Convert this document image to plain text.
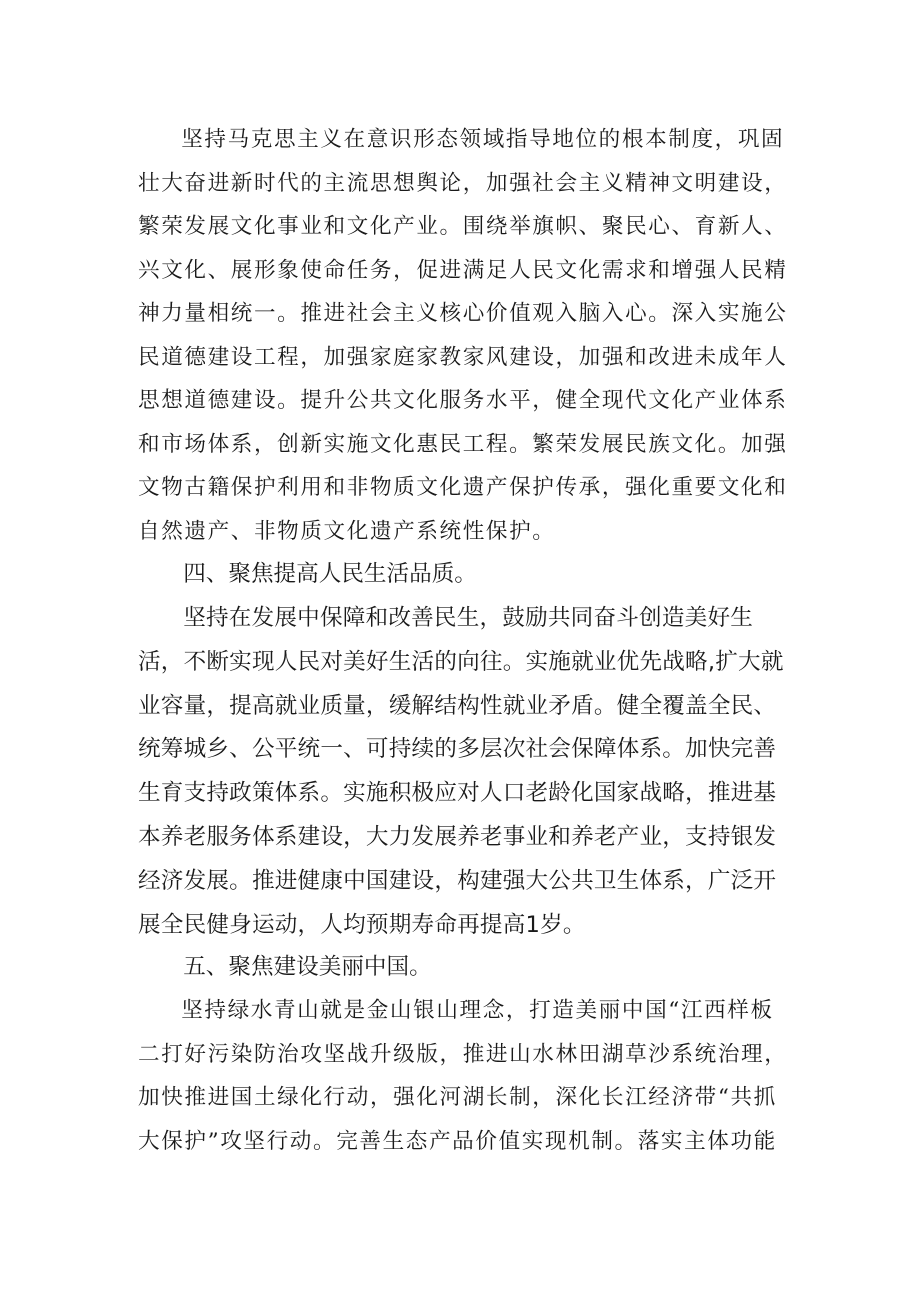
坚持马克思主义在意识形态领域指导地位的根本制度，巩固壮大奋进新时代的主流思想舆论，加强社会主义精神文明建设，繁荣发展文化事业和文化产业。围绕举旗帜、聚民心、育新人、兴文化、展形象使命任务，促进满足人民文化需求和增强人民精神力量相统一。推进社会主义核心价值观入脑入心。深入实施公民道德建设工程，加强家庭家教家风建设，加强和改进未成年人思想道德建设。提升公共文化服务水平，健全现代文化产业体系和市场体系，创新实施文化惠民工程。繁荣发展民族文化。加强文物古籍保护利用和非物质文化遗产保护传承，强化重要文化和自然遗产、非物质文化遗产系统性保护。

四、聚焦提高人民生活品质。

坚持在发展中保障和改善民生，鼓励共同奋斗创造美好生活，不断实现人民对美好生活的向往。实施就业优先战略,扩大就业容量，提高就业质量，缓解结构性就业矛盾。健全覆盖全民、统筹城乡、公平统一、可持续的多层次社会保障体系。加快完善生育支持政策体系。实施积极应对人口老龄化国家战略，推进基本养老服务体系建设，大力发展养老事业和养老产业，支持银发经济发展。推进健康中国建设，构建强大公共卫生体系，广泛开展全民健身运动，人均预期寿命再提高1岁。

五、聚焦建设美丽中国。

坚持绿水青山就是金山银山理念，打造美丽中国“江西样板二打好污染防治攻坚战升级版，推进山水林田湖草沙系统治理，加快推进国土绿化行动，强化河湖长制，深化长江经济带“共抓大保护”攻坚行动。完善生态产品价值实现机制。落实主体功能
